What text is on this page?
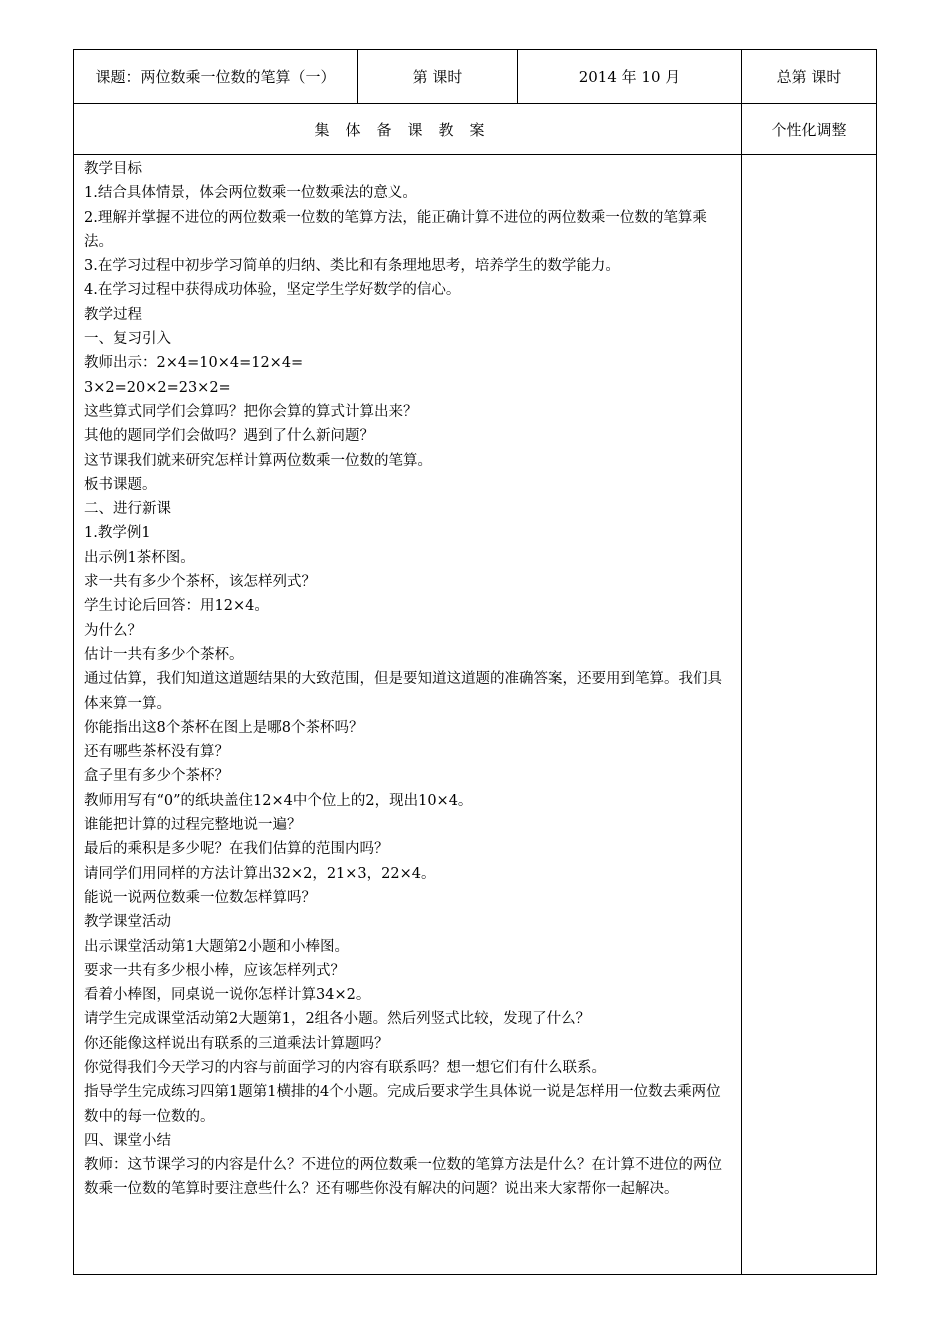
课题：两位数乘一位数的笔算（一）	第 课时	2014 年 10 月	总第 课时
集体备课教案	个性化调整

教学目标

1.结合具体情景，体会两位数乘一位数乘法的意义。

2.理解并掌握不进位的两位数乘一位数的笔算方法，能正确计算不进位的两位数乘一位数的笔算乘法。

3.在学习过程中初步学习简单的归纳、类比和有条理地思考，培养学生的数学能力。

4.在学习过程中获得成功体验，坚定学生学好数学的信心。

教学过程

一、复习引入

教师出示：2×4=10×4=12×4=

3×2=20×2=23×2=

这些算式同学们会算吗？把你会算的算式计算出来？

其他的题同学们会做吗？遇到了什么新问题？

这节课我们就来研究怎样计算两位数乘一位数的笔算。

板书课题。

二、进行新课

1.教学例1

出示例1茶杯图。

求一共有多少个茶杯，该怎样列式？

学生讨论后回答：用12×4。

为什么？

估计一共有多少个茶杯。

通过估算，我们知道这道题结果的大致范围，但是要知道这道题的准确答案，还要用到笔算。我们具体来算一算。

你能指出这8个茶杯在图上是哪8个茶杯吗？

还有哪些茶杯没有算？

盒子里有多少个茶杯？

教师用写有“0”的纸块盖住12×4中个位上的2，现出10×4。

谁能把计算的过程完整地说一遍？

最后的乘积是多少呢？在我们估算的范围内吗？

请同学们用同样的方法计算出32×2，21×3，22×4。

能说一说两位数乘一位数怎样算吗？

教学课堂活动

出示课堂活动第1大题第2小题和小棒图。

要求一共有多少根小棒，应该怎样列式？

看着小棒图，同桌说一说你怎样计算34×2。

请学生完成课堂活动第2大题第1，2组各小题。然后列竖式比较，发现了什么？

你还能像这样说出有联系的三道乘法计算题吗？

你觉得我们今天学习的内容与前面学习的内容有联系吗？想一想它们有什么联系。

指导学生完成练习四第1题第1横排的4个小题。完成后要求学生具体说一说是怎样用一位数去乘两位数中的每一位数的。

四、课堂小结

教师：这节课学习的内容是什么？不进位的两位数乘一位数的笔算方法是什么？在计算不进位的两位数乘一位数的笔算时要注意些什么？还有哪些你没有解决的问题？说出来大家帮你一起解决。
